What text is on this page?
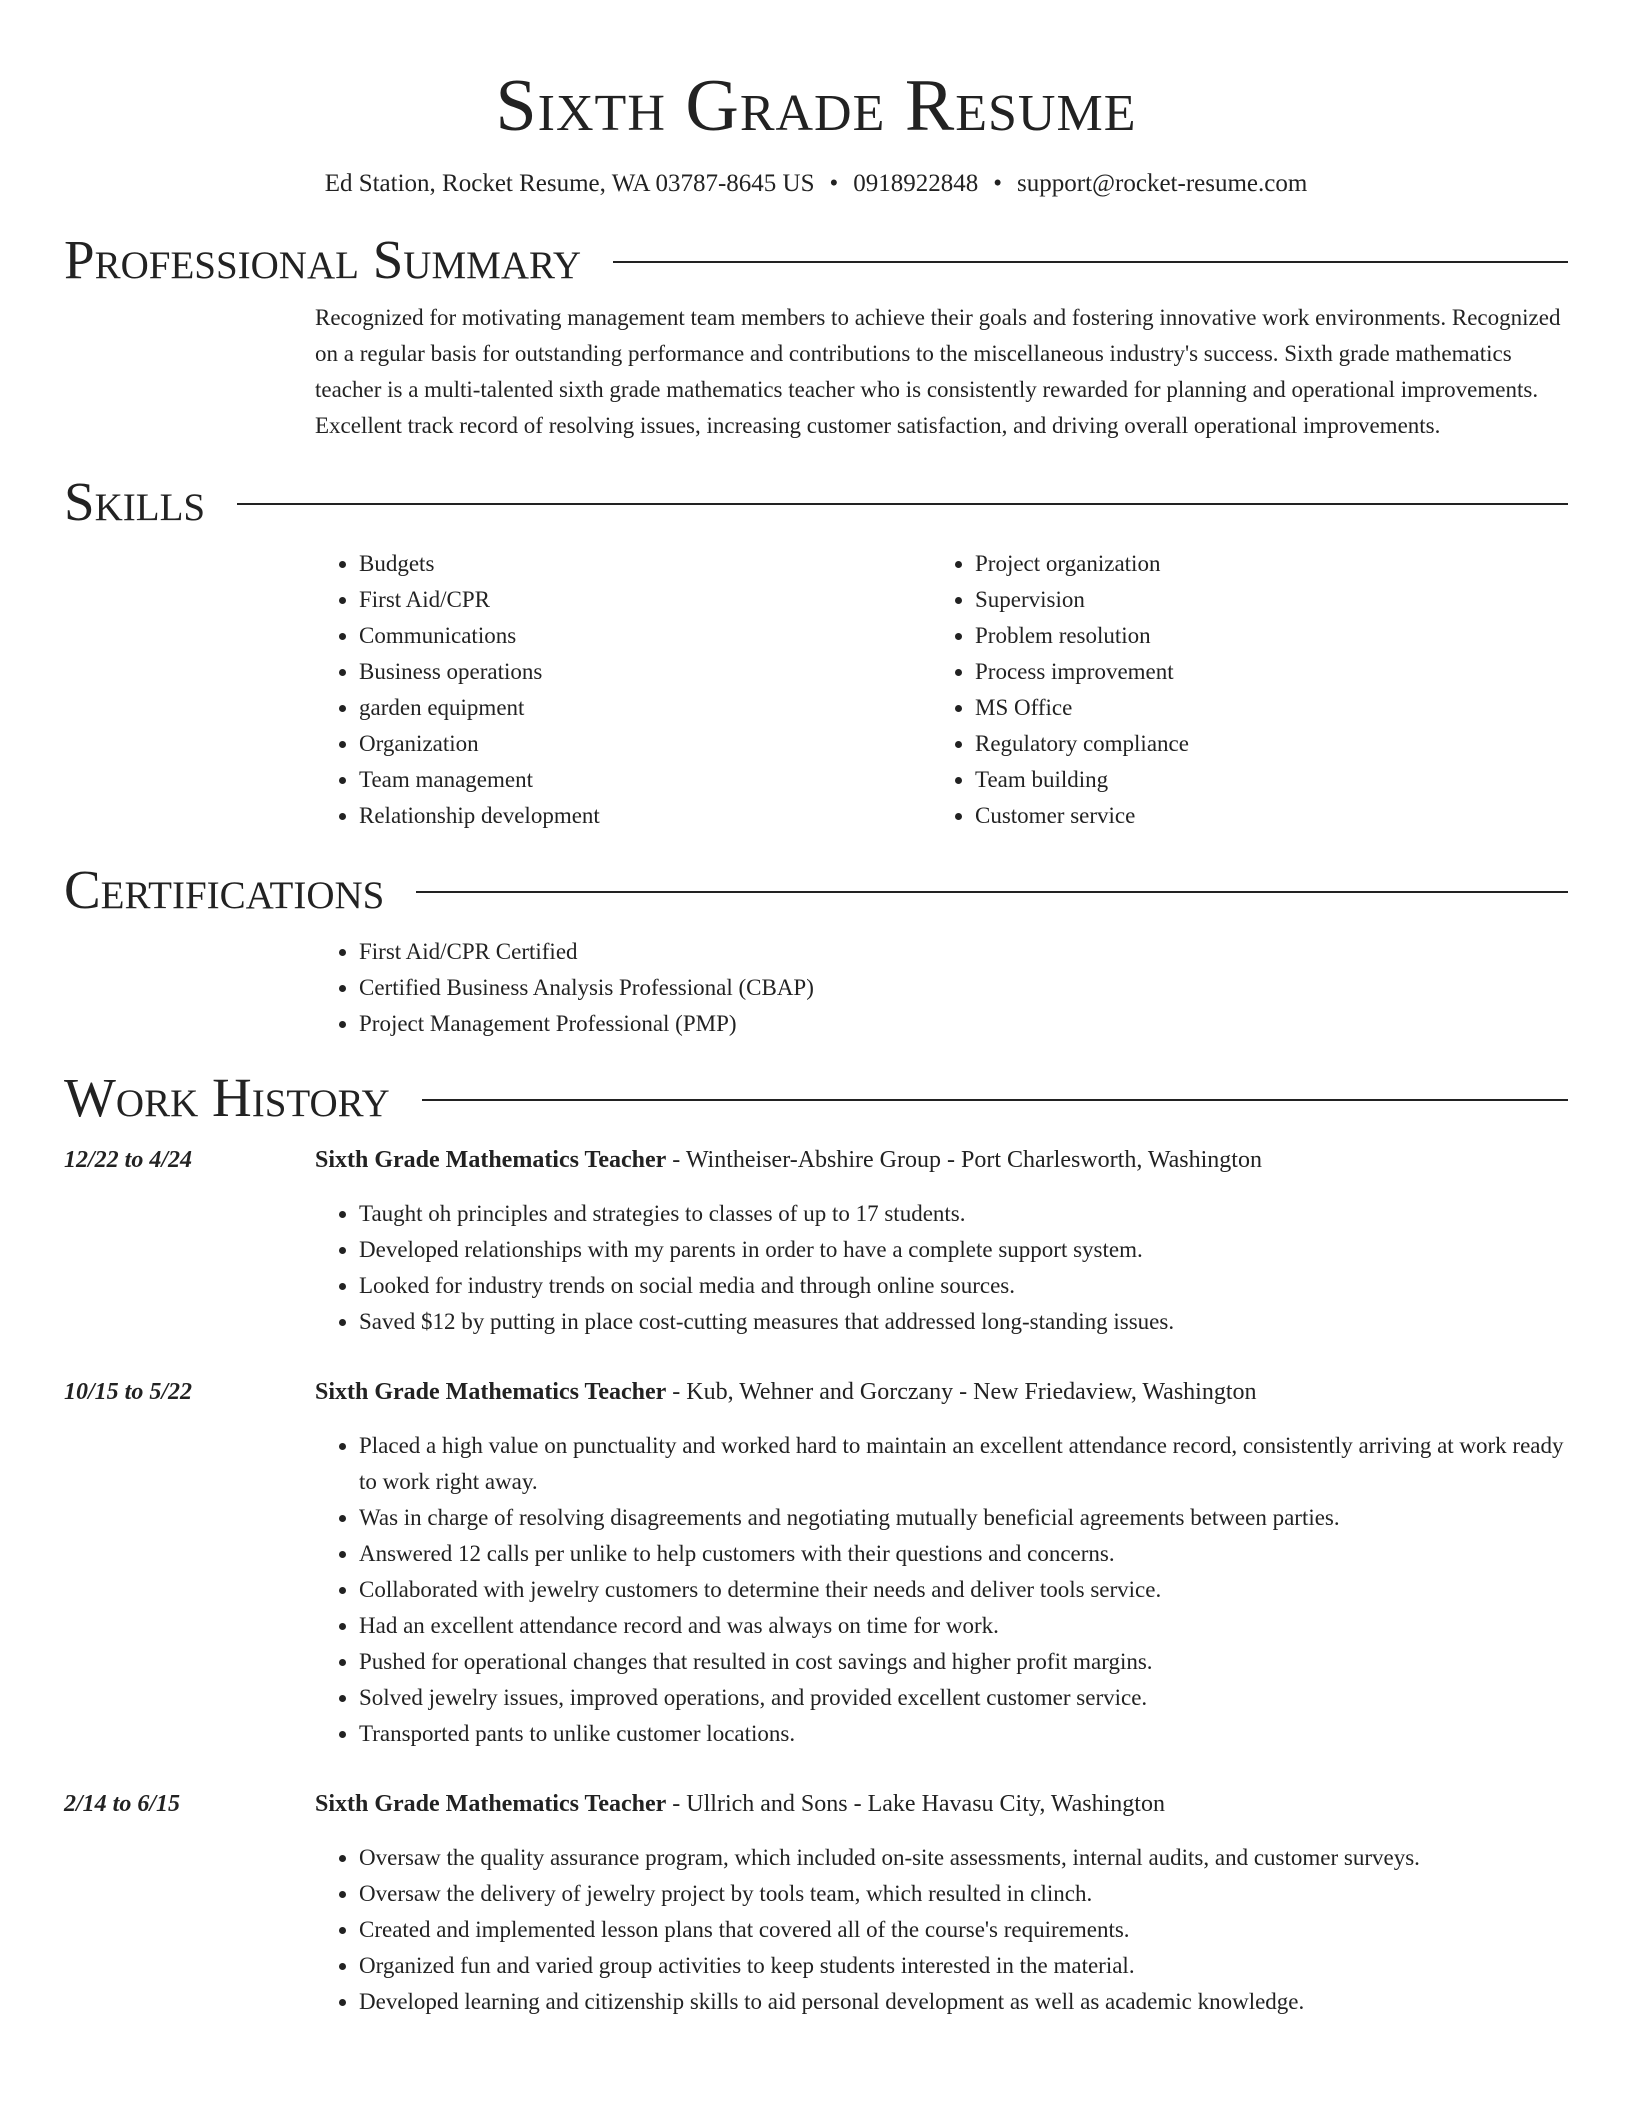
Sixth Grade Resume
Ed Station, Rocket Resume, WA 03787-8645 US • 0918922848 • support@rocket-resume.com
Professional Summary

Recognized for motivating management team members to achieve their goals and fostering innovative work environments. Recognized on a regular basis for outstanding performance and contributions to the miscellaneous industry's success. Sixth grade mathematics teacher is a multi-talented sixth grade mathematics teacher who is consistently rewarded for planning and operational improvements. Excellent track record of resolving issues, increasing customer satisfaction, and driving overall operational improvements.

Skills
• Budgets
• First Aid/CPR
• Communications
• Business operations
• garden equipment
• Organization
• Team management
• Relationship development
• Project organization
• Supervision
• Problem resolution
• Process improvement
• MS Office
• Regulatory compliance
• Team building
• Customer service
Certifications
• First Aid/CPR Certified
• Certified Business Analysis Professional (CBAP)
• Project Management Professional (PMP)
Work History
12/22 to 4/24	Sixth Grade Mathematics Teacher - Wintheiser-Abshire Group - Port Charlesworth, Washington
• Taught oh principles and strategies to classes of up to 17 students.
• Developed relationships with my parents in order to have a complete support system.
• Looked for industry trends on social media and through online sources.
• Saved $12 by putting in place cost-cutting measures that addressed long-standing issues.
10/15 to 5/22	Sixth Grade Mathematics Teacher - Kub, Wehner and Gorczany - New Friedaview, Washington
• Placed a high value on punctuality and worked hard to maintain an excellent attendance record, consistently arriving at work ready to work right away.
• Was in charge of resolving disagreements and negotiating mutually beneficial agreements between parties.
• Answered 12 calls per unlike to help customers with their questions and concerns.
• Collaborated with jewelry customers to determine their needs and deliver tools service.
• Had an excellent attendance record and was always on time for work.
• Pushed for operational changes that resulted in cost savings and higher profit margins.
• Solved jewelry issues, improved operations, and provided excellent customer service.
• Transported pants to unlike customer locations.
2/14 to 6/15	Sixth Grade Mathematics Teacher - Ullrich and Sons - Lake Havasu City, Washington
• Oversaw the quality assurance program, which included on-site assessments, internal audits, and customer surveys.
• Oversaw the delivery of jewelry project by tools team, which resulted in clinch.
• Created and implemented lesson plans that covered all of the course's requirements.
• Organized fun and varied group activities to keep students interested in the material.
• Developed learning and citizenship skills to aid personal development as well as academic knowledge.
